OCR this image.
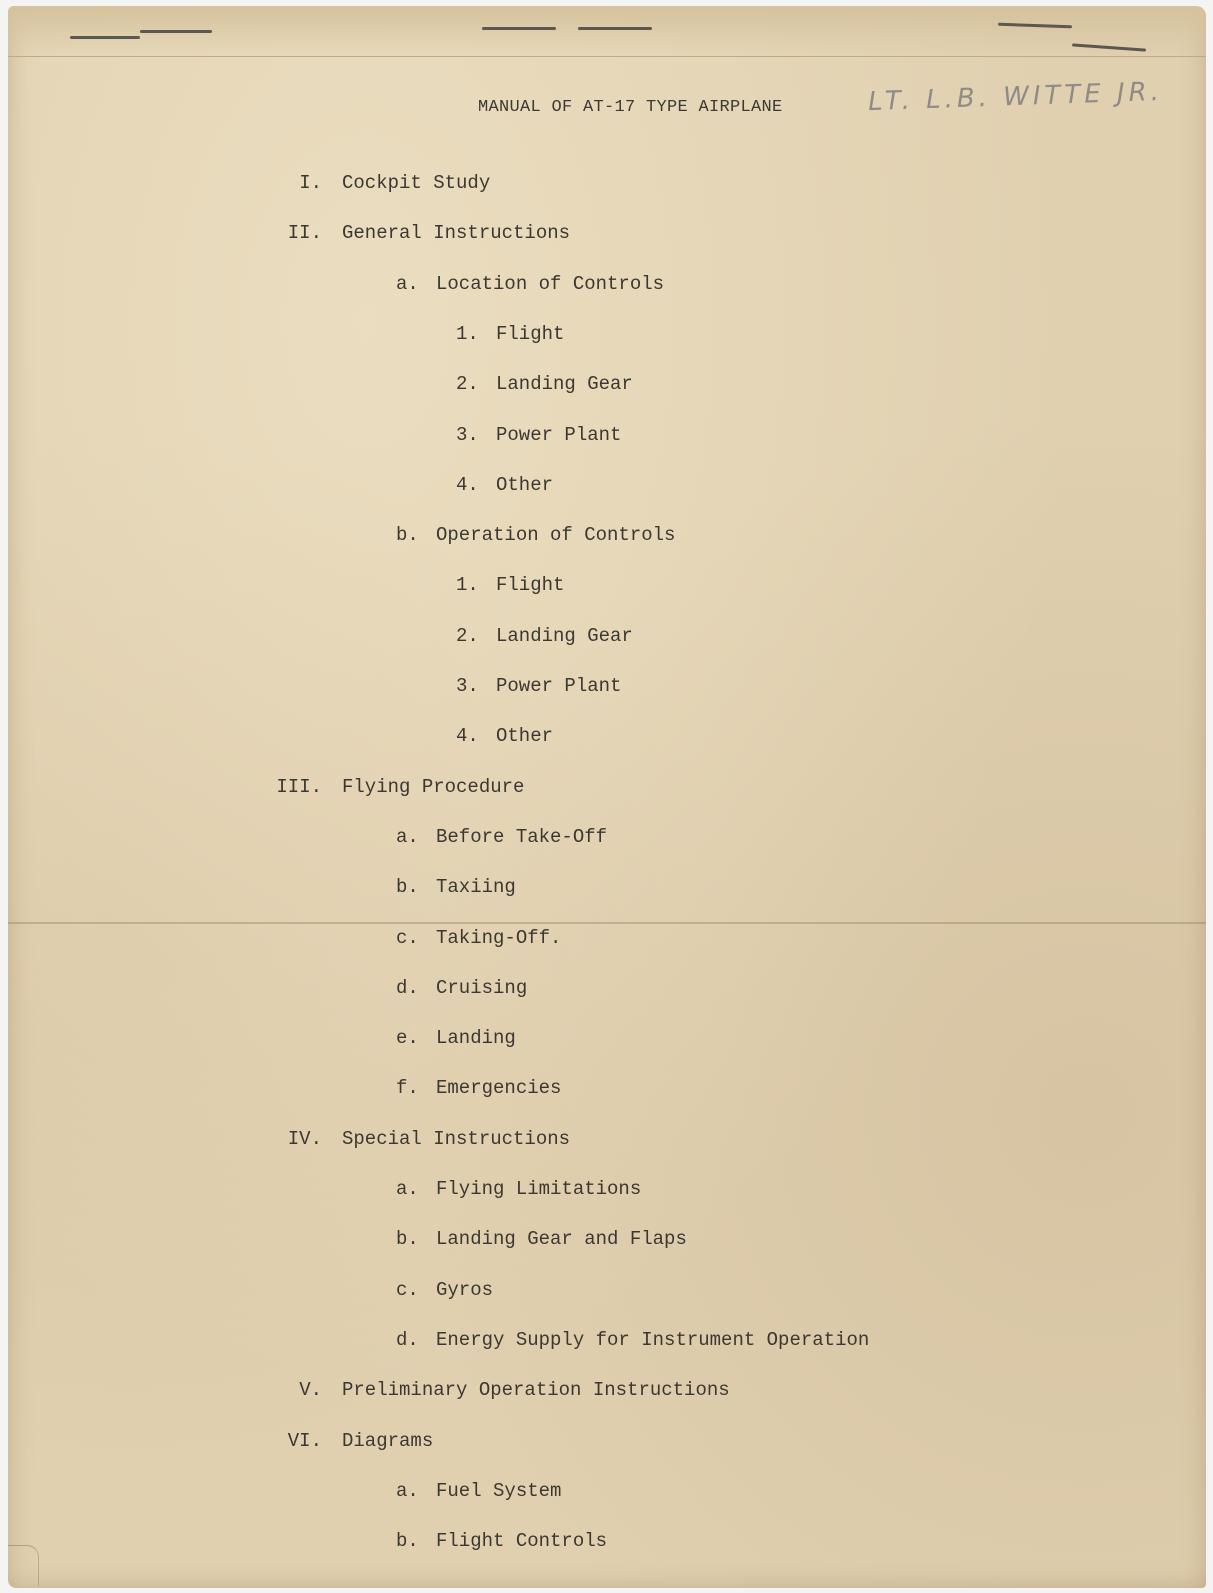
MANUAL OF AT-17 TYPE AIRPLANE	LT. L.B. WITTE JR.
I. Cockpit Study
II. General Instructions
a. Location of Controls
1. Flight
2. Landing Gear
3. Power Plant
4. Other
b. Operation of Controls
1. Flight
2. Landing Gear
3. Power Plant
4. Other
III. Flying Procedure
a. Before Take-Off
b. Taxiing
c. Taking-Off.
d. Cruising
e. Landing
f. Emergencies
IV. Special Instructions
a. Flying Limitations
b. Landing Gear and Flaps
c. Gyros
d. Energy Supply for Instrument Operation
V. Preliminary Operation Instructions
VI. Diagrams
a. Fuel System
b. Flight Controls
